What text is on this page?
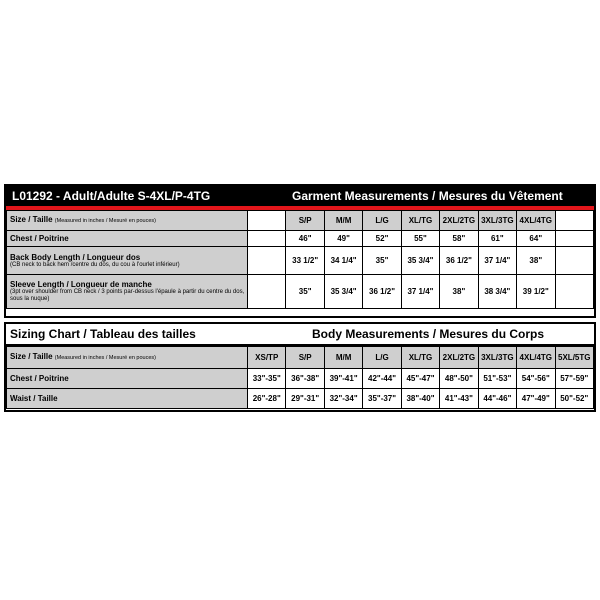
L01292 - Adult/Adulte S-4XL/P-4TG	Garment Measurements / Mesures du Vêtement
Size / Taille (Measured in inches / Mesuré en pouces)		S/P	M/M	L/G	XL/TG	2XL/2TG	3XL/3TG	4XL/4TG	
Chest / Poitrine		46"	49"	52"	55"	58"	61"	64"	
Back Body Length / Longueur dos
(CB neck to back hem /centre du dos, du cou à l'ourlet inférieur)		33 1/2"	34 1/4"	35"	35 3/4"	36 1/2"	37 1/4"	38"	
Sleeve Length / Longueur de manche
(3pt over shoulder from CB neck / 3 points par-dessus l'épaule à partir du centre du dos, sous la nuque)		35"	35 3/4"	36 1/2"	37 1/4"	38"	38 3/4"	39 1/2"	
Sizing Chart / Tableau des tailles	Body Measurements / Mesures du Corps
Size / Taille (Measured in inches / Mesuré en pouces)	XS/TP	S/P	M/M	L/G	XL/TG	2XL/2TG	3XL/3TG	4XL/4TG	5XL/5TG
Chest / Poitrine	33"-35"	36"-38"	39"-41"	42"-44"	45"-47"	48"-50"	51"-53"	54"-56"	57"-59"
Waist / Taille	26"-28"	29"-31"	32"-34"	35"-37"	38"-40"	41"-43"	44"-46"	47"-49"	50"-52"
